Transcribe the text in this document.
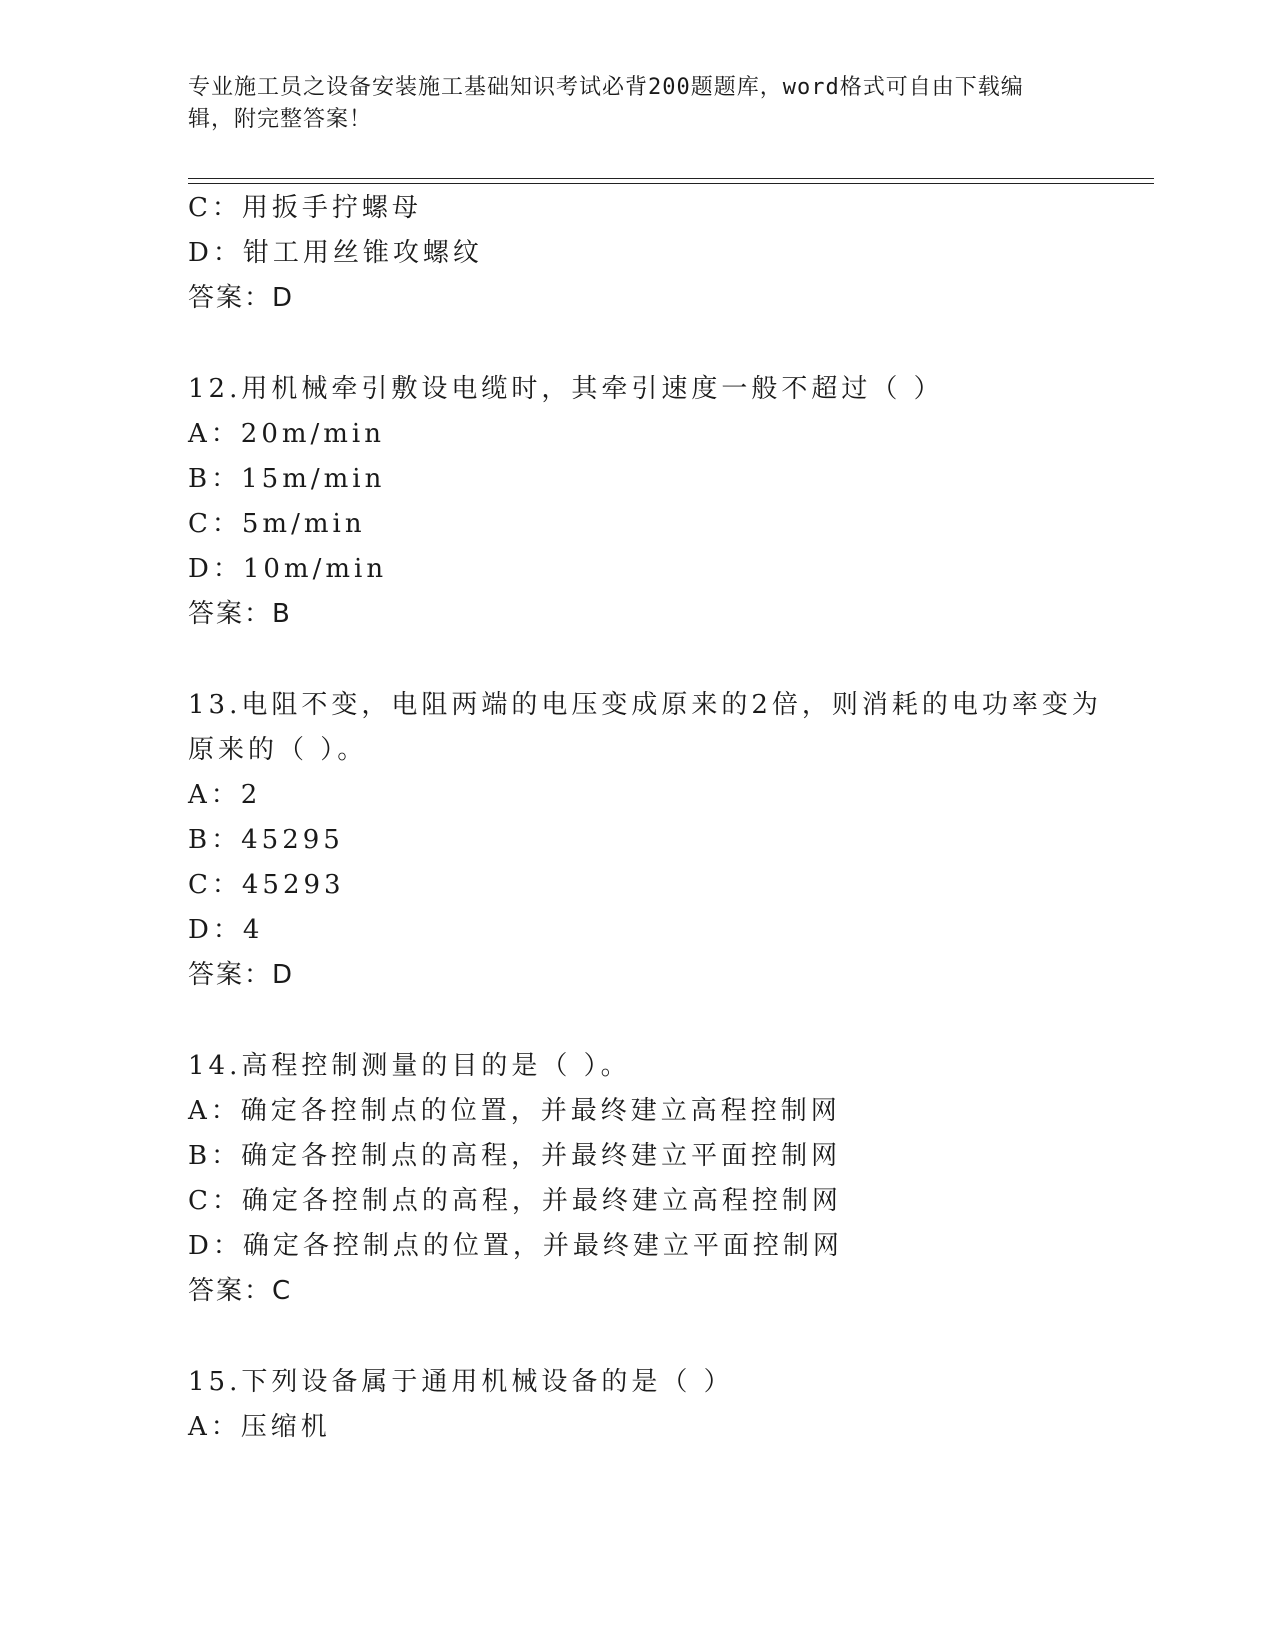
专业施工员之设备安装施工基础知识考试必背200题题库，word格式可自由下载编辑，附完整答案！
C：用扳手拧螺母
D：钳工用丝锥攻螺纹
答案：D
12.用机械牵引敷设电缆时，其牵引速度一般不超过（ ）
A：20m/min
B：15m/min
C：5m/min
D：10m/min
答案：B
13.电阻不变，电阻两端的电压变成原来的2倍，则消耗的电功率变为
原来的（ ）。
A：2
B：45295
C：45293
D：4
答案：D
14.高程控制测量的目的是（ ）。
A：确定各控制点的位置，并最终建立高程控制网
B：确定各控制点的高程，并最终建立平面控制网
C：确定各控制点的高程，并最终建立高程控制网
D：确定各控制点的位置，并最终建立平面控制网
答案：C
15.下列设备属于通用机械设备的是（ ）
A：压缩机
